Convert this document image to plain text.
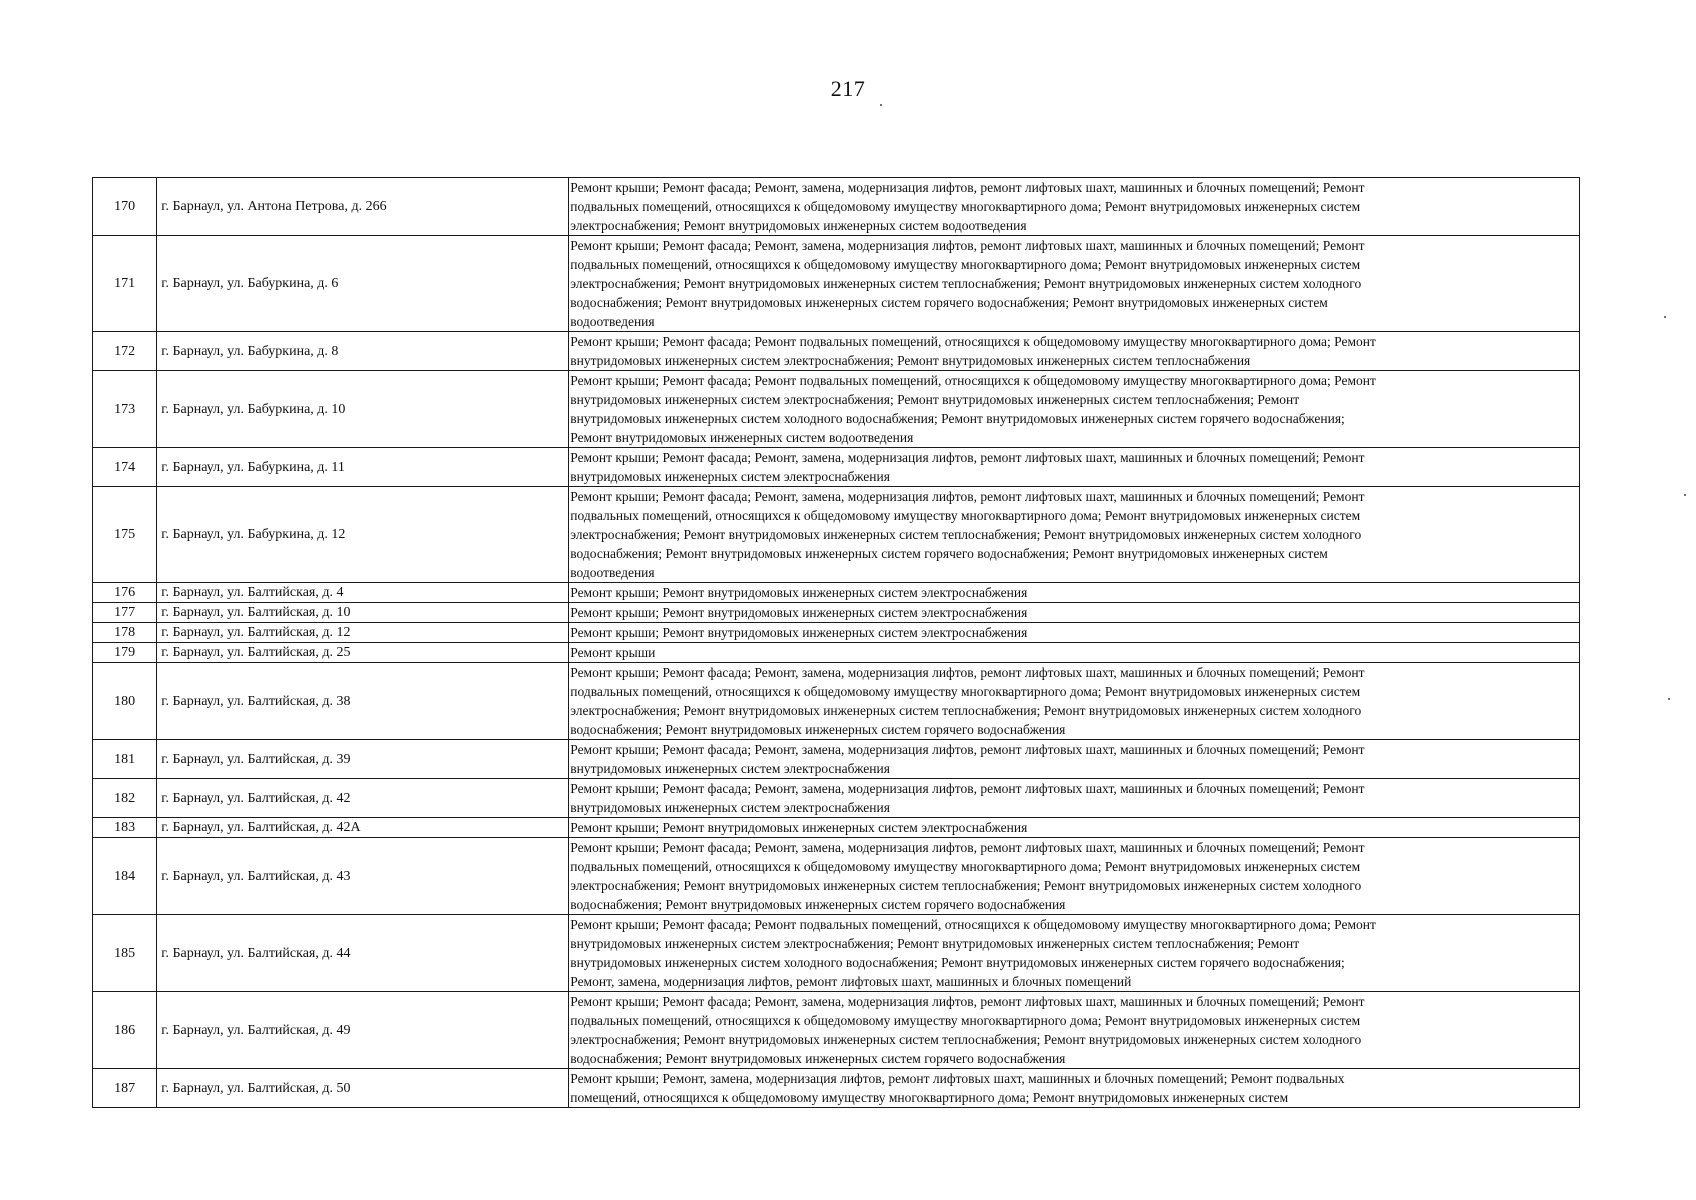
217
170	г. Барнаул, ул. Антона Петрова, д. 266	Ремонт крыши; Ремонт фасада; Ремонт, замена, модернизация лифтов, ремонт лифтовых шахт, машинных и блочных помещений; Ремонт
подвальных помещений, относящихся к общедомовому имуществу многоквартирного дома; Ремонт внутридомовых инженерных систем
электроснабжения; Ремонт внутридомовых инженерных систем водоотведения

171	г. Барнаул, ул. Бабуркина, д. 6	Ремонт крыши; Ремонт фасада; Ремонт, замена, модернизация лифтов, ремонт лифтовых шахт, машинных и блочных помещений; Ремонт
подвальных помещений, относящихся к общедомовому имуществу многоквартирного дома; Ремонт внутридомовых инженерных систем
электроснабжения; Ремонт внутридомовых инженерных систем теплоснабжения; Ремонт внутридомовых инженерных систем холодного
водоснабжения; Ремонт внутридомовых инженерных систем горячего водоснабжения; Ремонт внутридомовых инженерных систем
водоотведения

172	г. Барнаул, ул. Бабуркина, д. 8	Ремонт крыши; Ремонт фасада; Ремонт подвальных помещений, относящихся к общедомовому имуществу многоквартирного дома; Ремонт
внутридомовых инженерных систем электроснабжения; Ремонт внутридомовых инженерных систем теплоснабжения

173	г. Барнаул, ул. Бабуркина, д. 10	Ремонт крыши; Ремонт фасада; Ремонт подвальных помещений, относящихся к общедомовому имуществу многоквартирного дома; Ремонт
внутридомовых инженерных систем электроснабжения; Ремонт внутридомовых инженерных систем теплоснабжения; Ремонт
внутридомовых инженерных систем холодного водоснабжения; Ремонт внутридомовых инженерных систем горячего водоснабжения;
Ремонт внутридомовых инженерных систем водоотведения

174	г. Барнаул, ул. Бабуркина, д. 11	Ремонт крыши; Ремонт фасада; Ремонт, замена, модернизация лифтов, ремонт лифтовых шахт, машинных и блочных помещений; Ремонт
внутридомовых инженерных систем электроснабжения

175	г. Барнаул, ул. Бабуркина, д. 12	Ремонт крыши; Ремонт фасада; Ремонт, замена, модернизация лифтов, ремонт лифтовых шахт, машинных и блочных помещений; Ремонт
подвальных помещений, относящихся к общедомовому имуществу многоквартирного дома; Ремонт внутридомовых инженерных систем
электроснабжения; Ремонт внутридомовых инженерных систем теплоснабжения; Ремонт внутридомовых инженерных систем холодного
водоснабжения; Ремонт внутридомовых инженерных систем горячего водоснабжения; Ремонт внутридомовых инженерных систем
водоотведения

176	г. Барнаул, ул. Балтийская, д. 4	Ремонт крыши; Ремонт внутридомовых инженерных систем электроснабжения

177	г. Барнаул, ул. Балтийская, д. 10	Ремонт крыши; Ремонт внутридомовых инженерных систем электроснабжения

178	г. Барнаул, ул. Балтийская, д. 12	Ремонт крыши; Ремонт внутридомовых инженерных систем электроснабжения

179	г. Барнаул, ул. Балтийская, д. 25	Ремонт крыши

180	г. Барнаул, ул. Балтийская, д. 38	Ремонт крыши; Ремонт фасада; Ремонт, замена, модернизация лифтов, ремонт лифтовых шахт, машинных и блочных помещений; Ремонт
подвальных помещений, относящихся к общедомовому имуществу многоквартирного дома; Ремонт внутридомовых инженерных систем
электроснабжения; Ремонт внутридомовых инженерных систем теплоснабжения; Ремонт внутридомовых инженерных систем холодного
водоснабжения; Ремонт внутридомовых инженерных систем горячего водоснабжения

181	г. Барнаул, ул. Балтийская, д. 39	Ремонт крыши; Ремонт фасада; Ремонт, замена, модернизация лифтов, ремонт лифтовых шахт, машинных и блочных помещений; Ремонт
внутридомовых инженерных систем электроснабжения

182	г. Барнаул, ул. Балтийская, д. 42	Ремонт крыши; Ремонт фасада; Ремонт, замена, модернизация лифтов, ремонт лифтовых шахт, машинных и блочных помещений; Ремонт
внутридомовых инженерных систем электроснабжения

183	г. Барнаул, ул. Балтийская, д. 42А	Ремонт крыши; Ремонт внутридомовых инженерных систем электроснабжения

184	г. Барнаул, ул. Балтийская, д. 43	Ремонт крыши; Ремонт фасада; Ремонт, замена, модернизация лифтов, ремонт лифтовых шахт, машинных и блочных помещений; Ремонт
подвальных помещений, относящихся к общедомовому имуществу многоквартирного дома; Ремонт внутридомовых инженерных систем
электроснабжения; Ремонт внутридомовых инженерных систем теплоснабжения; Ремонт внутридомовых инженерных систем холодного
водоснабжения; Ремонт внутридомовых инженерных систем горячего водоснабжения

185	г. Барнаул, ул. Балтийская, д. 44	Ремонт крыши; Ремонт фасада; Ремонт подвальных помещений, относящихся к общедомовому имуществу многоквартирного дома; Ремонт
внутридомовых инженерных систем электроснабжения; Ремонт внутридомовых инженерных систем теплоснабжения; Ремонт
внутридомовых инженерных систем холодного водоснабжения; Ремонт внутридомовых инженерных систем горячего водоснабжения;
Ремонт, замена, модернизация лифтов, ремонт лифтовых шахт, машинных и блочных помещений

186	г. Барнаул, ул. Балтийская, д. 49	Ремонт крыши; Ремонт фасада; Ремонт, замена, модернизация лифтов, ремонт лифтовых шахт, машинных и блочных помещений; Ремонт
подвальных помещений, относящихся к общедомовому имуществу многоквартирного дома; Ремонт внутридомовых инженерных систем
электроснабжения; Ремонт внутридомовых инженерных систем теплоснабжения; Ремонт внутридомовых инженерных систем холодного
водоснабжения; Ремонт внутридомовых инженерных систем горячего водоснабжения

187	г. Барнаул, ул. Балтийская, д. 50	Ремонт крыши; Ремонт, замена, модернизация лифтов, ремонт лифтовых шахт, машинных и блочных помещений; Ремонт подвальных
помещений, относящихся к общедомовому имуществу многоквартирного дома; Ремонт внутридомовых инженерных систем
